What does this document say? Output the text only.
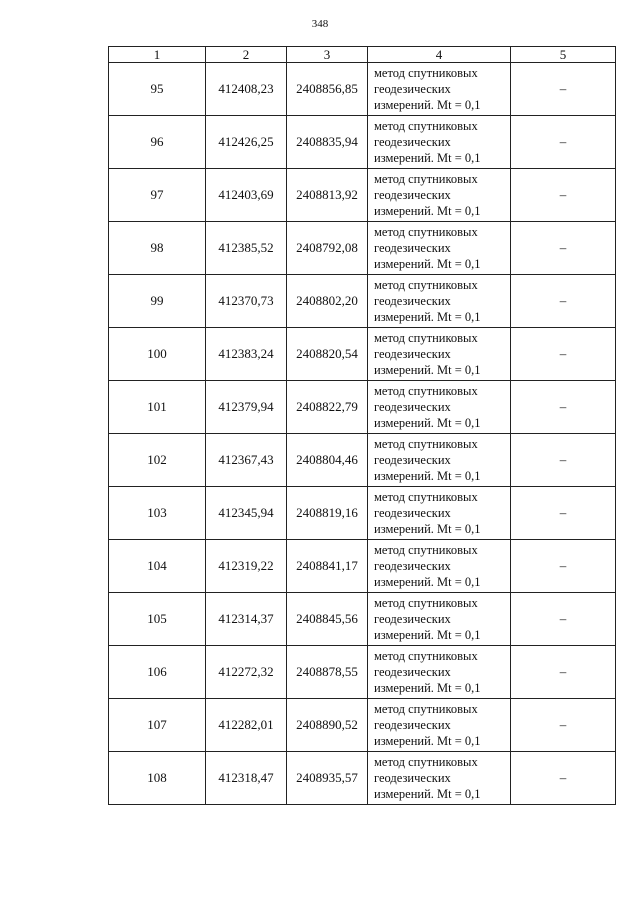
348
1	2	3	4	5
95	412408,23	2408856,85	метод спутниковых
геодезических
измерений. Mt = 0,1	–
96	412426,25	2408835,94	метод спутниковых
геодезических
измерений. Mt = 0,1	–
97	412403,69	2408813,92	метод спутниковых
геодезических
измерений. Mt = 0,1	–
98	412385,52	2408792,08	метод спутниковых
геодезических
измерений. Mt = 0,1	–
99	412370,73	2408802,20	метод спутниковых
геодезических
измерений. Mt = 0,1	–
100	412383,24	2408820,54	метод спутниковых
геодезических
измерений. Mt = 0,1	–
101	412379,94	2408822,79	метод спутниковых
геодезических
измерений. Mt = 0,1	–
102	412367,43	2408804,46	метод спутниковых
геодезических
измерений. Mt = 0,1	–
103	412345,94	2408819,16	метод спутниковых
геодезических
измерений. Mt = 0,1	–
104	412319,22	2408841,17	метод спутниковых
геодезических
измерений. Mt = 0,1	–
105	412314,37	2408845,56	метод спутниковых
геодезических
измерений. Mt = 0,1	–
106	412272,32	2408878,55	метод спутниковых
геодезических
измерений. Mt = 0,1	–
107	412282,01	2408890,52	метод спутниковых
геодезических
измерений. Mt = 0,1	–
108	412318,47	2408935,57	метод спутниковых
геодезических
измерений. Mt = 0,1	–
